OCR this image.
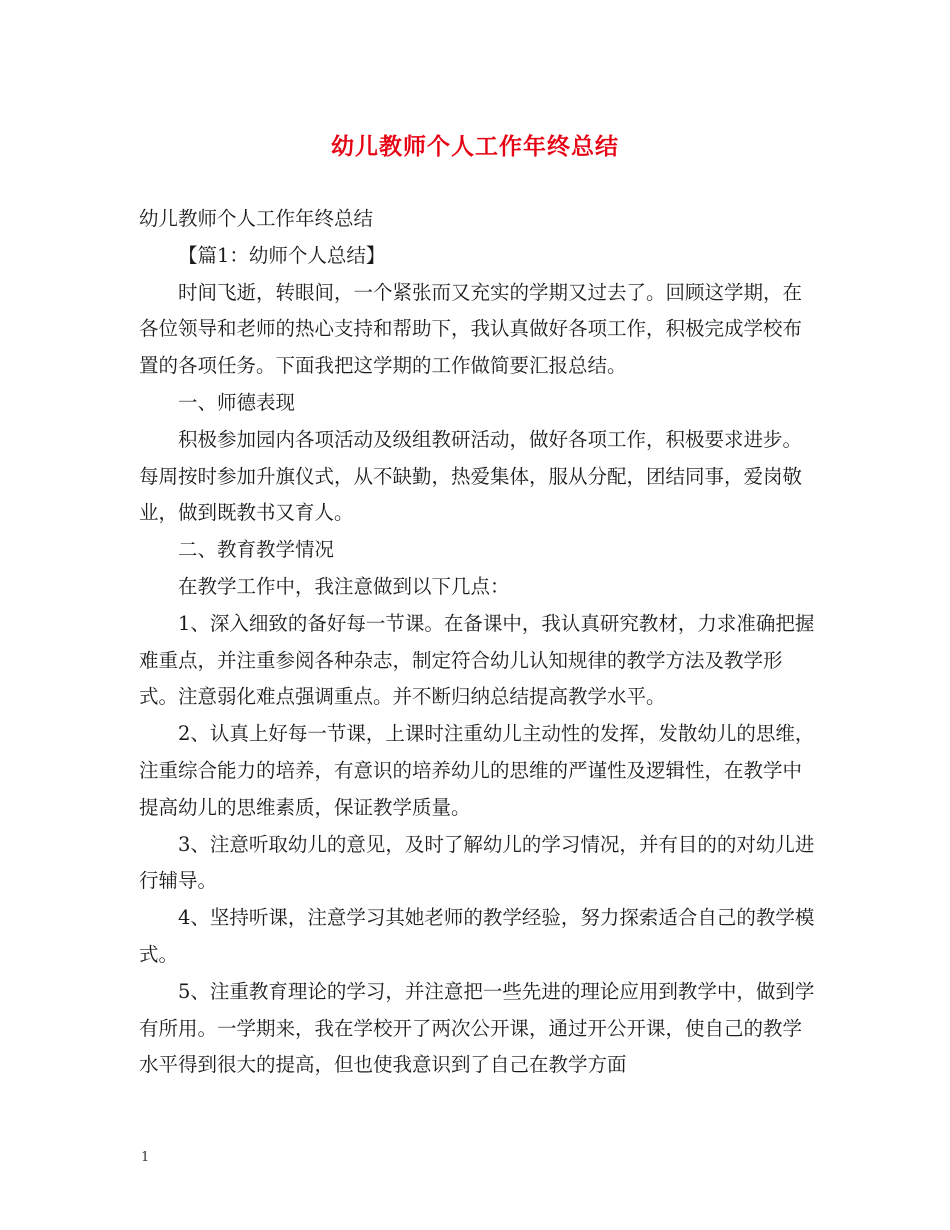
幼儿教师个人工作年终总结

幼儿教师个人工作年终总结

【篇1：幼师个人总结】

时间飞逝，转眼间，一个紧张而又充实的学期又过去了。回顾这学期，在各位领导和老师的热心支持和帮助下，我认真做好各项工作，积极完成学校布置的各项任务。下面我把这学期的工作做简要汇报总结。

一、师德表现

积极参加园内各项活动及级组教研活动，做好各项工作，积极要求进步。每周按时参加升旗仪式，从不缺勤，热爱集体，服从分配，团结同事，爱岗敬业，做到既教书又育人。

二、教育教学情况

在教学工作中，我注意做到以下几点：

1、深入细致的备好每一节课。在备课中，我认真研究教材，力求准确把握难重点，并注重参阅各种杂志，制定符合幼儿认知规律的教学方法及教学形式。注意弱化难点强调重点。并不断归纳总结提高教学水平。

2、认真上好每一节课，上课时注重幼儿主动性的发挥，发散幼儿的思维，注重综合能力的培养，有意识的培养幼儿的思维的严谨性及逻辑性，在教学中提高幼儿的思维素质，保证教学质量。

3、注意听取幼儿的意见，及时了解幼儿的学习情况，并有目的的对幼儿进行辅导。

4、坚持听课，注意学习其她老师的教学经验，努力探索适合自己的教学模式。

5、注重教育理论的学习，并注意把一些先进的理论应用到教学中，做到学有所用。一学期来，我在学校开了两次公开课，通过开公开课，使自己的教学水平得到很大的提高，但也使我意识到了自己在教学方面

1
